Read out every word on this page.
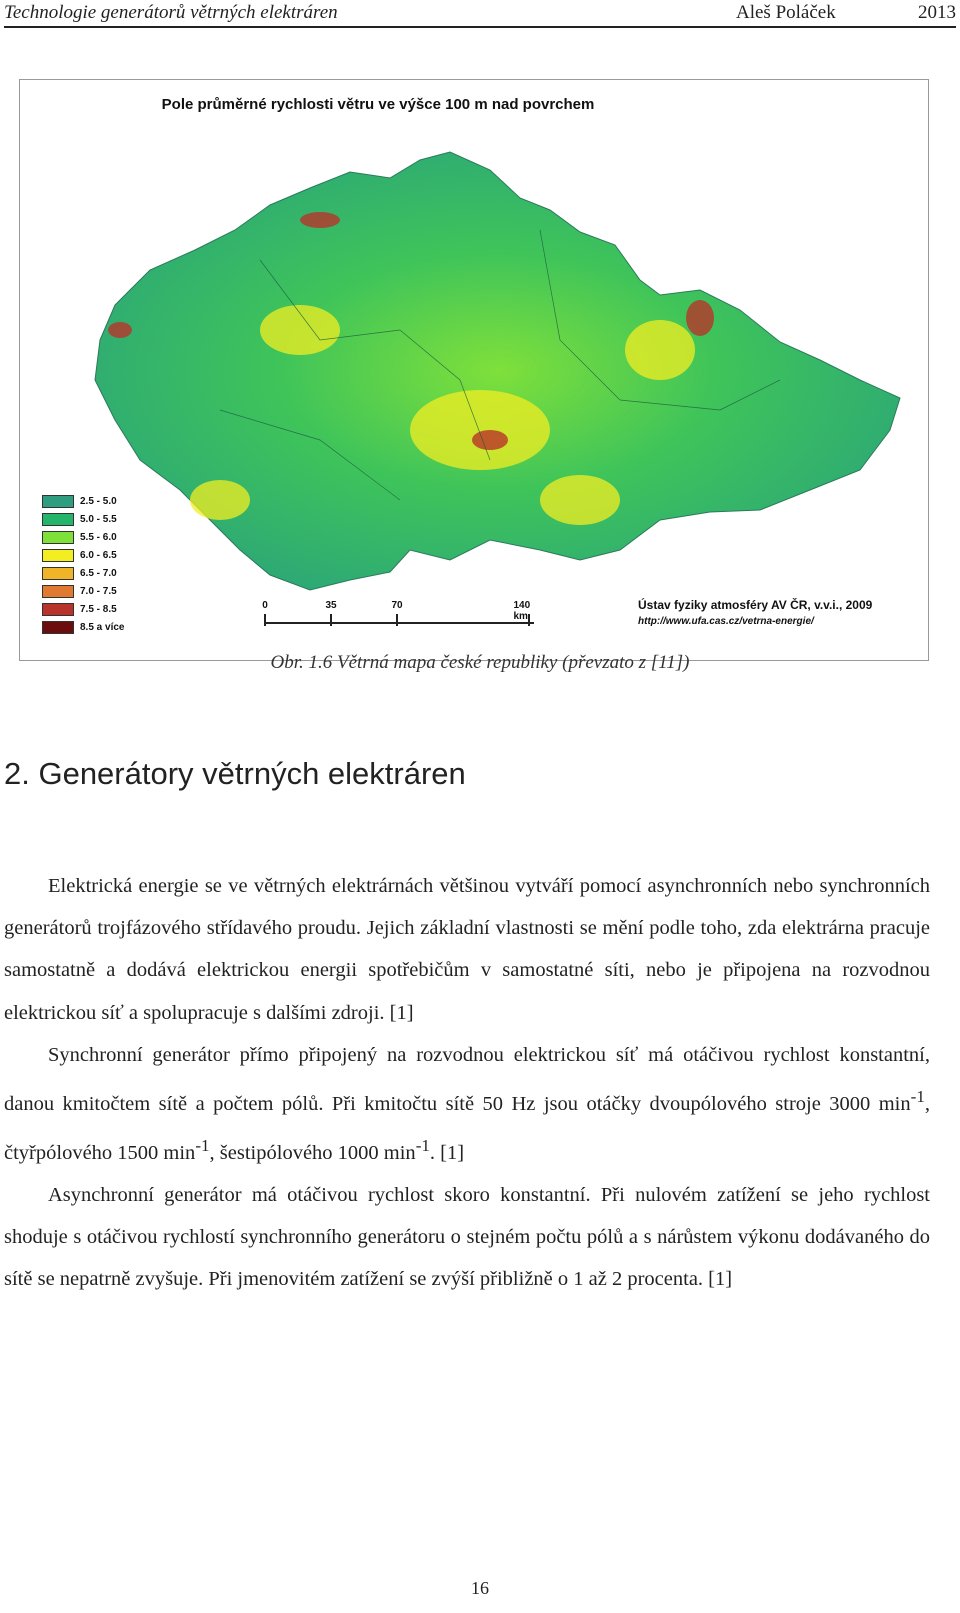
Technologie generátorů větrných elektráren	Aleš Poláček	2013
Pole průměrné rychlosti větru ve výšce 100 m nad povrchem
2.5 - 5.0
5.0 - 5.5
5.5 - 6.0
6.0 - 6.5
6.5 - 7.0
7.0 - 7.5
7.5 - 8.5
8.5 a více
0	35	70	140 km
Ústav fyziky atmosféry AV ČR, v.v.i., 2009
http://www.ufa.cas.cz/vetrna-energie/
Obr. 1.6 Větrná mapa české republiky (převzato z [11])
2. Generátory větrných elektráren

Elektrická energie se ve větrných elektrárnách většinou vytváří pomocí asynchronních nebo synchronních generátorů trojfázového střídavého proudu. Jejich základní vlastnosti se mění podle toho, zda elektrárna pracuje samostatně a dodává elektrickou energii spotřebičům v samostatné síti, nebo je připojena na rozvodnou elektrickou síť a spolupracuje s dalšími zdroji. [1]

Synchronní generátor přímo připojený na rozvodnou elektrickou síť má otáčivou rychlost konstantní, danou kmitočtem sítě a počtem pólů. Při kmitočtu sítě 50 Hz jsou otáčky dvoupólového stroje 3000 $\min^{-1}$, čtyřpólového 1500 $\min^{-1}$, šestipólového 1000 $\min^{-1}$. [1]

Asynchronní generátor má otáčivou rychlost skoro konstantní. Při nulovém zatížení se jeho rychlost shoduje s otáčivou rychlostí synchronního generátoru o stejném počtu pólů a s nárůstem výkonu dodávaného do sítě se nepatrně zvyšuje. Při jmenovitém zatížení se zvýší přibližně o 1 až 2 procenta. [1]

16
